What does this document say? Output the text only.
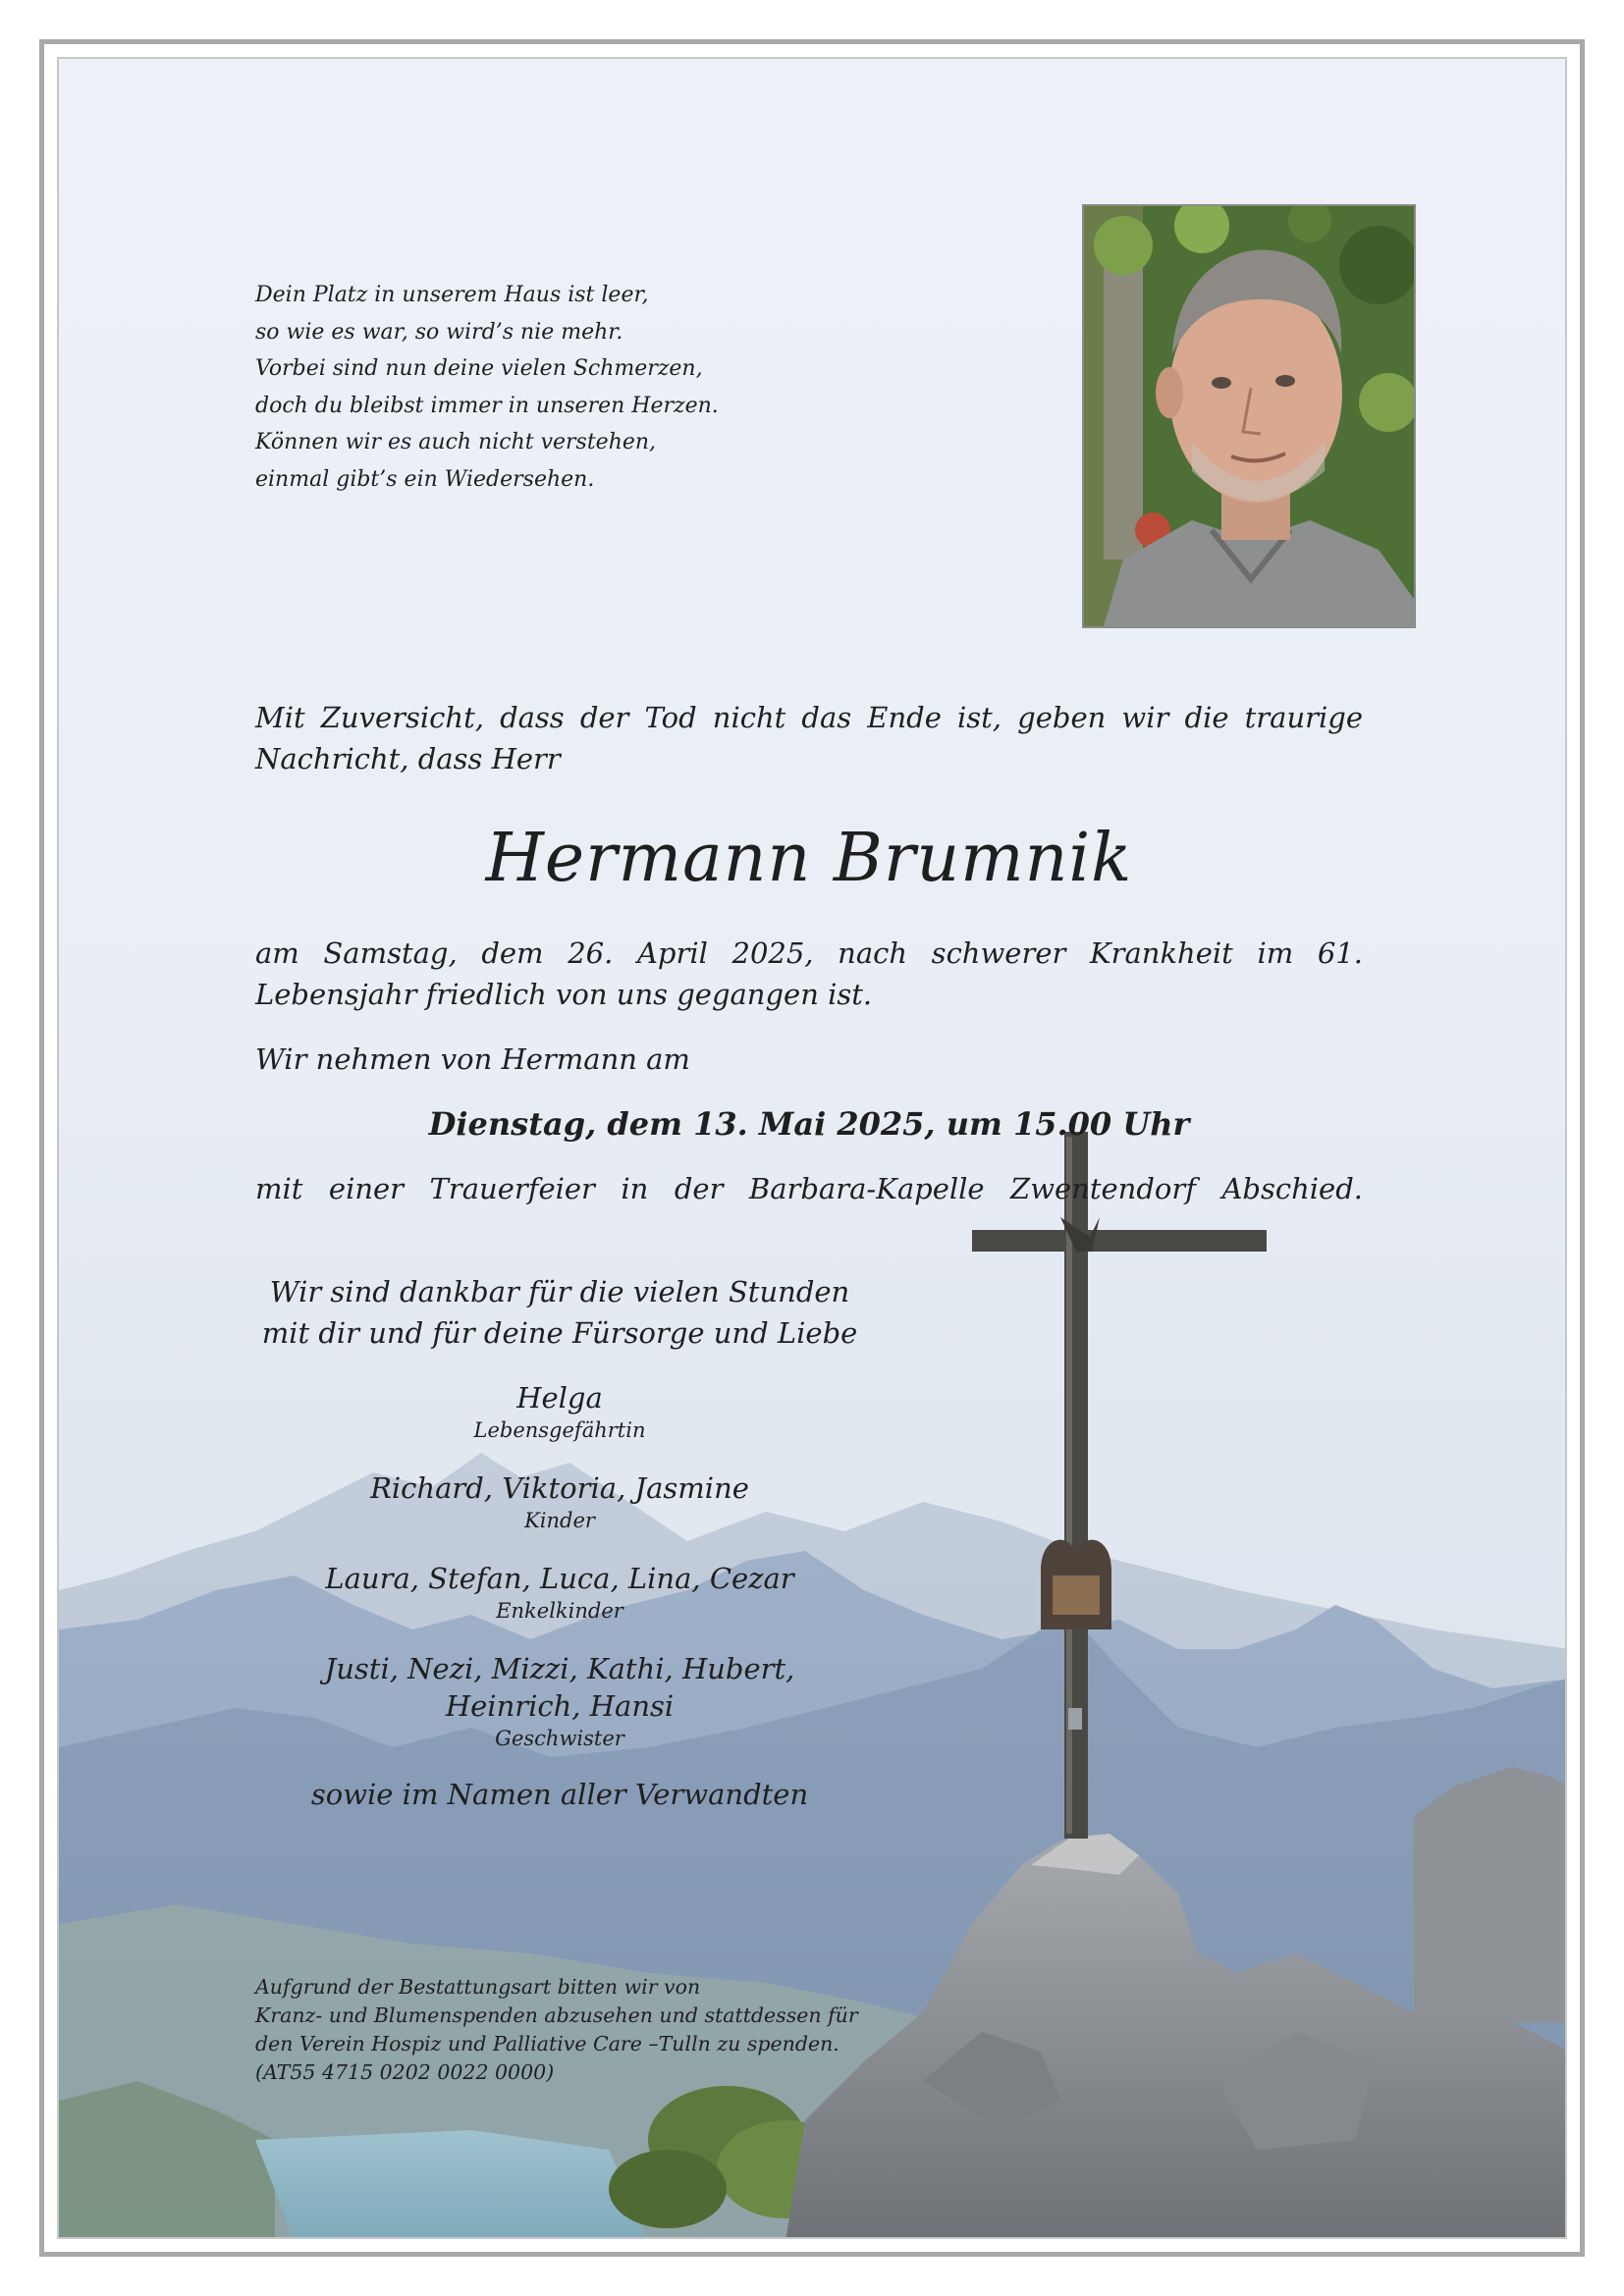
Dein Platz in unserem Haus ist leer,
so wie es war, so wird’s nie mehr.
Vorbei sind nun deine vielen Schmerzen,
doch du bleibst immer in unseren Herzen.
Können wir es auch nicht verstehen,
einmal gibt’s ein Wiedersehen.
Mit Zuversicht, dass der Tod nicht das Ende ist, geben wir die traurige Nachricht, dass Herr
Hermann Brumnik
am Samstag, dem 26. April 2025, nach schwerer Krankheit im 61. Lebensjahr friedlich von uns gegangen ist.
Wir nehmen von Hermann am
Dienstag, dem 13. Mai 2025, um 15.00 Uhr
mit einer Trauerfeier in der Barbara-Kapelle Zwentendorf Abschied.
Wir sind dankbar für die vielen Stunden
mit dir und für deine Fürsorge und Liebe
Helga
Lebensgefährtin
Richard, Viktoria, Jasmine
Kinder
Laura, Stefan, Luca, Lina, Cezar
Enkelkinder
Justi, Nezi, Mizzi, Kathi, Hubert,
Heinrich, Hansi
Geschwister
sowie im Namen aller Verwandten
Aufgrund der Bestattungsart bitten wir von
Kranz- und Blumenspenden abzusehen und stattdessen für
den Verein Hospiz und Palliative Care –Tulln zu spenden.
(AT55 4715 0202 0022 0000)
